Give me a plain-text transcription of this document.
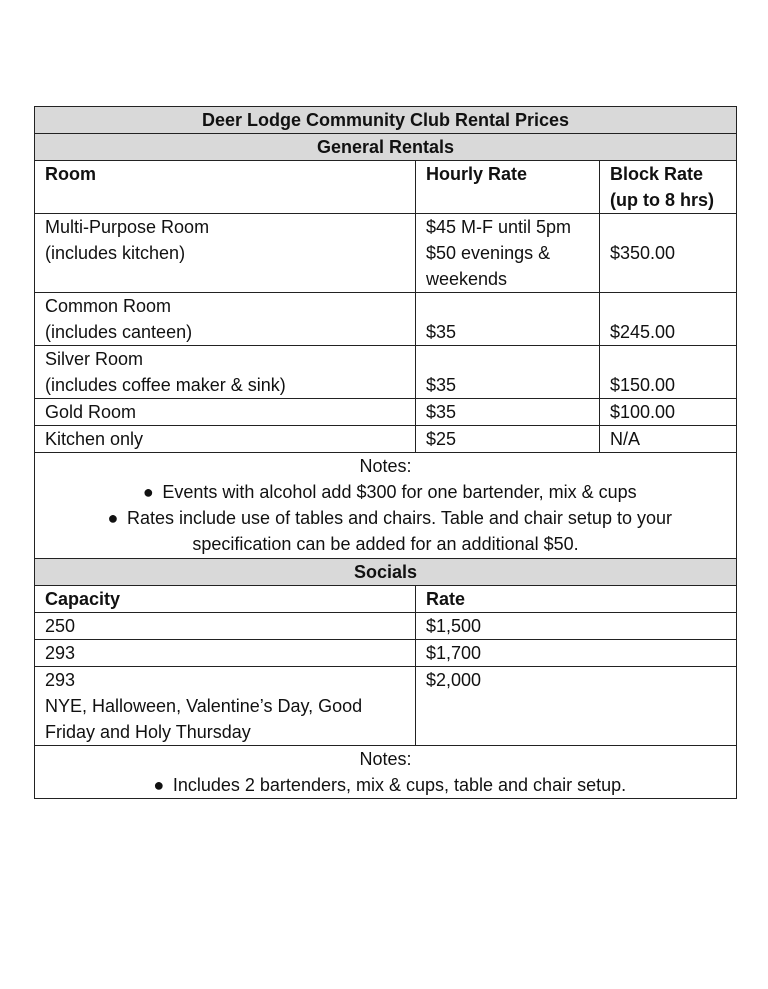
Deer Lodge Community Club Rental Prices		
General Rentals		
Room	Hourly Rate	Block Rate
(up to 8 hrs)

Multi-Purpose Room
(includes kitchen)	$45 M-F until 5pm
$50 evenings &
weekends	$350.00

Common Room
(includes canteen)	$35	$245.00

Silver Room
(includes coffee maker & sink)	$35	$150.00
Gold Room	$35	$100.00
Kitchen only	$25	N/A

Notes:
● Events with alcohol add $300 for one bartender, mix & cups
● Rates include use of tables and chairs. Table and chair setup to your
specification can be added for an additional $50.		

Socials		
Capacity	Rate	
250	$1,500	
293	$1,700	

293
NYE, Halloween, Valentine’s Day, Good
Friday and Holy Thursday	$2,000	

Notes:
● Includes 2 bartenders, mix & cups, table and chair setup.		
